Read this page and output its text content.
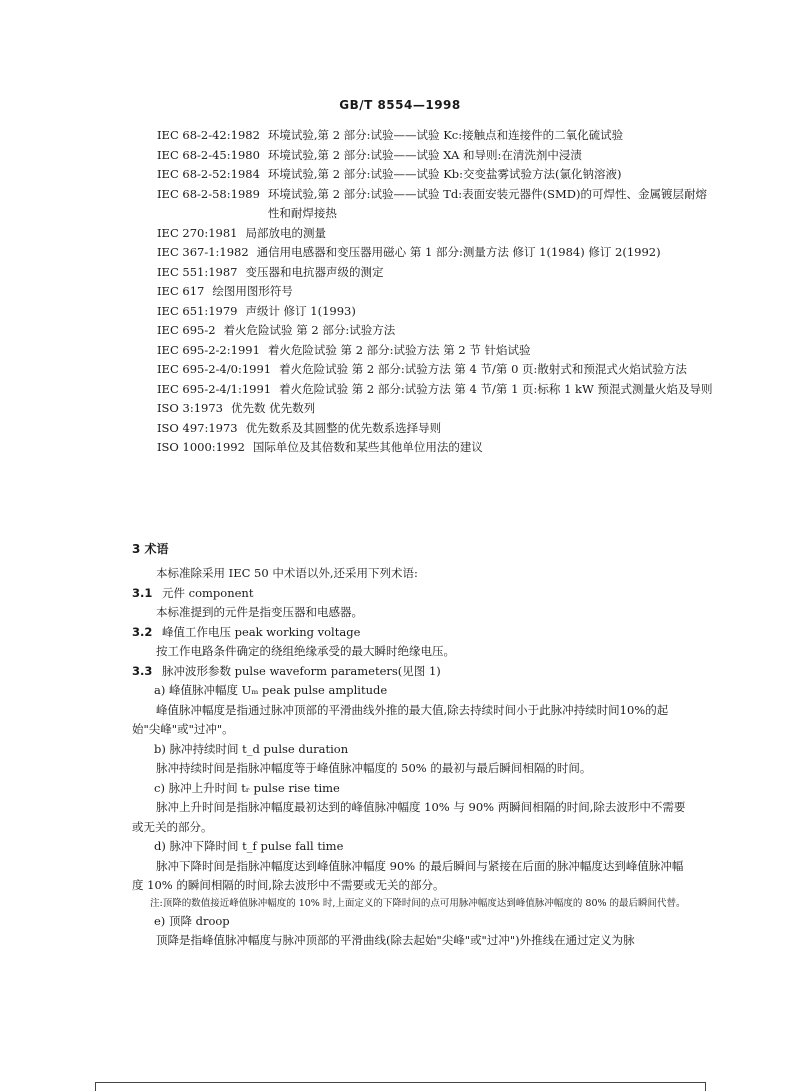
GB/T 8554—1998
IEC 68-2-42:1982 环境试验,第 2 部分:试验——试验 Kc:接触点和连接件的二氧化硫试验
IEC 68-2-45:1980 环境试验,第 2 部分:试验——试验 XA 和导则:在清洗剂中浸渍
IEC 68-2-52:1984 环境试验,第 2 部分:试验——试验 Kb:交变盐雾试验方法(氯化钠溶液)
IEC 68-2-58:1989 环境试验,第 2 部分:试验——试验 Td:表面安装元器件(SMD)的可焊性、金属镀层耐熔性和耐焊接热
IEC 270:1981 局部放电的测量
IEC 367-1:1982 通信用电感器和变压器用磁心 第 1 部分:测量方法 修订 1(1984) 修订 2(1992)
IEC 551:1987 变压器和电抗器声级的测定
IEC 617 绘图用图形符号
IEC 651:1979 声级计 修订 1(1993)
IEC 695-2 着火危险试验 第 2 部分:试验方法
IEC 695-2-2:1991 着火危险试验 第 2 部分:试验方法 第 2 节 针焰试验
IEC 695-2-4/0:1991 着火危险试验 第 2 部分:试验方法 第 4 节/第 0 页:散射式和预混式火焰试验方法
IEC 695-2-4/1:1991 着火危险试验 第 2 部分:试验方法 第 4 节/第 1 页:标称 1 kW 预混式测量火焰及导则
ISO 3:1973 优先数 优先数列
ISO 497:1973 优先数系及其圆整的优先数系选择导则
ISO 1000:1992 国际单位及其倍数和某些其他单位用法的建议
3 术语
本标准除采用 IEC 50 中术语以外,还采用下列术语:
3.1 元件 component
本标准提到的元件是指变压器和电感器。
3.2 峰值工作电压 peak working voltage
按工作电路条件确定的绕组绝缘承受的最大瞬时绝缘电压。
3.3 脉冲波形参数 pulse waveform parameters(见图 1)
a) 峰值脉冲幅度 Uₘ peak pulse amplitude
峰值脉冲幅度是指通过脉冲顶部的平滑曲线外推的最大值,除去持续时间小于此脉冲持续时间10%的起始"尖峰"或"过冲"。
b) 脉冲持续时间 t_d pulse duration
脉冲持续时间是指脉冲幅度等于峰值脉冲幅度的 50% 的最初与最后瞬间相隔的时间。
c) 脉冲上升时间 tᵣ pulse rise time
脉冲上升时间是指脉冲幅度最初达到的峰值脉冲幅度 10% 与 90% 两瞬间相隔的时间,除去波形中不需要或无关的部分。
d) 脉冲下降时间 t_f pulse fall time
脉冲下降时间是指脉冲幅度达到峰值脉冲幅度 90% 的最后瞬间与紧接在后面的脉冲幅度达到峰值脉冲幅度 10% 的瞬间相隔的时间,除去波形中不需要或无关的部分。
注:顶降的数值接近峰值脉冲幅度的 10% 时,上面定义的下降时间的点可用脉冲幅度达到峰值脉冲幅度的 80% 的最后瞬间代替。
e) 顶降 droop
顶降是指峰值脉冲幅度与脉冲顶部的平滑曲线(除去起始"尖峰"或"过冲")外推线在通过定义为脉
